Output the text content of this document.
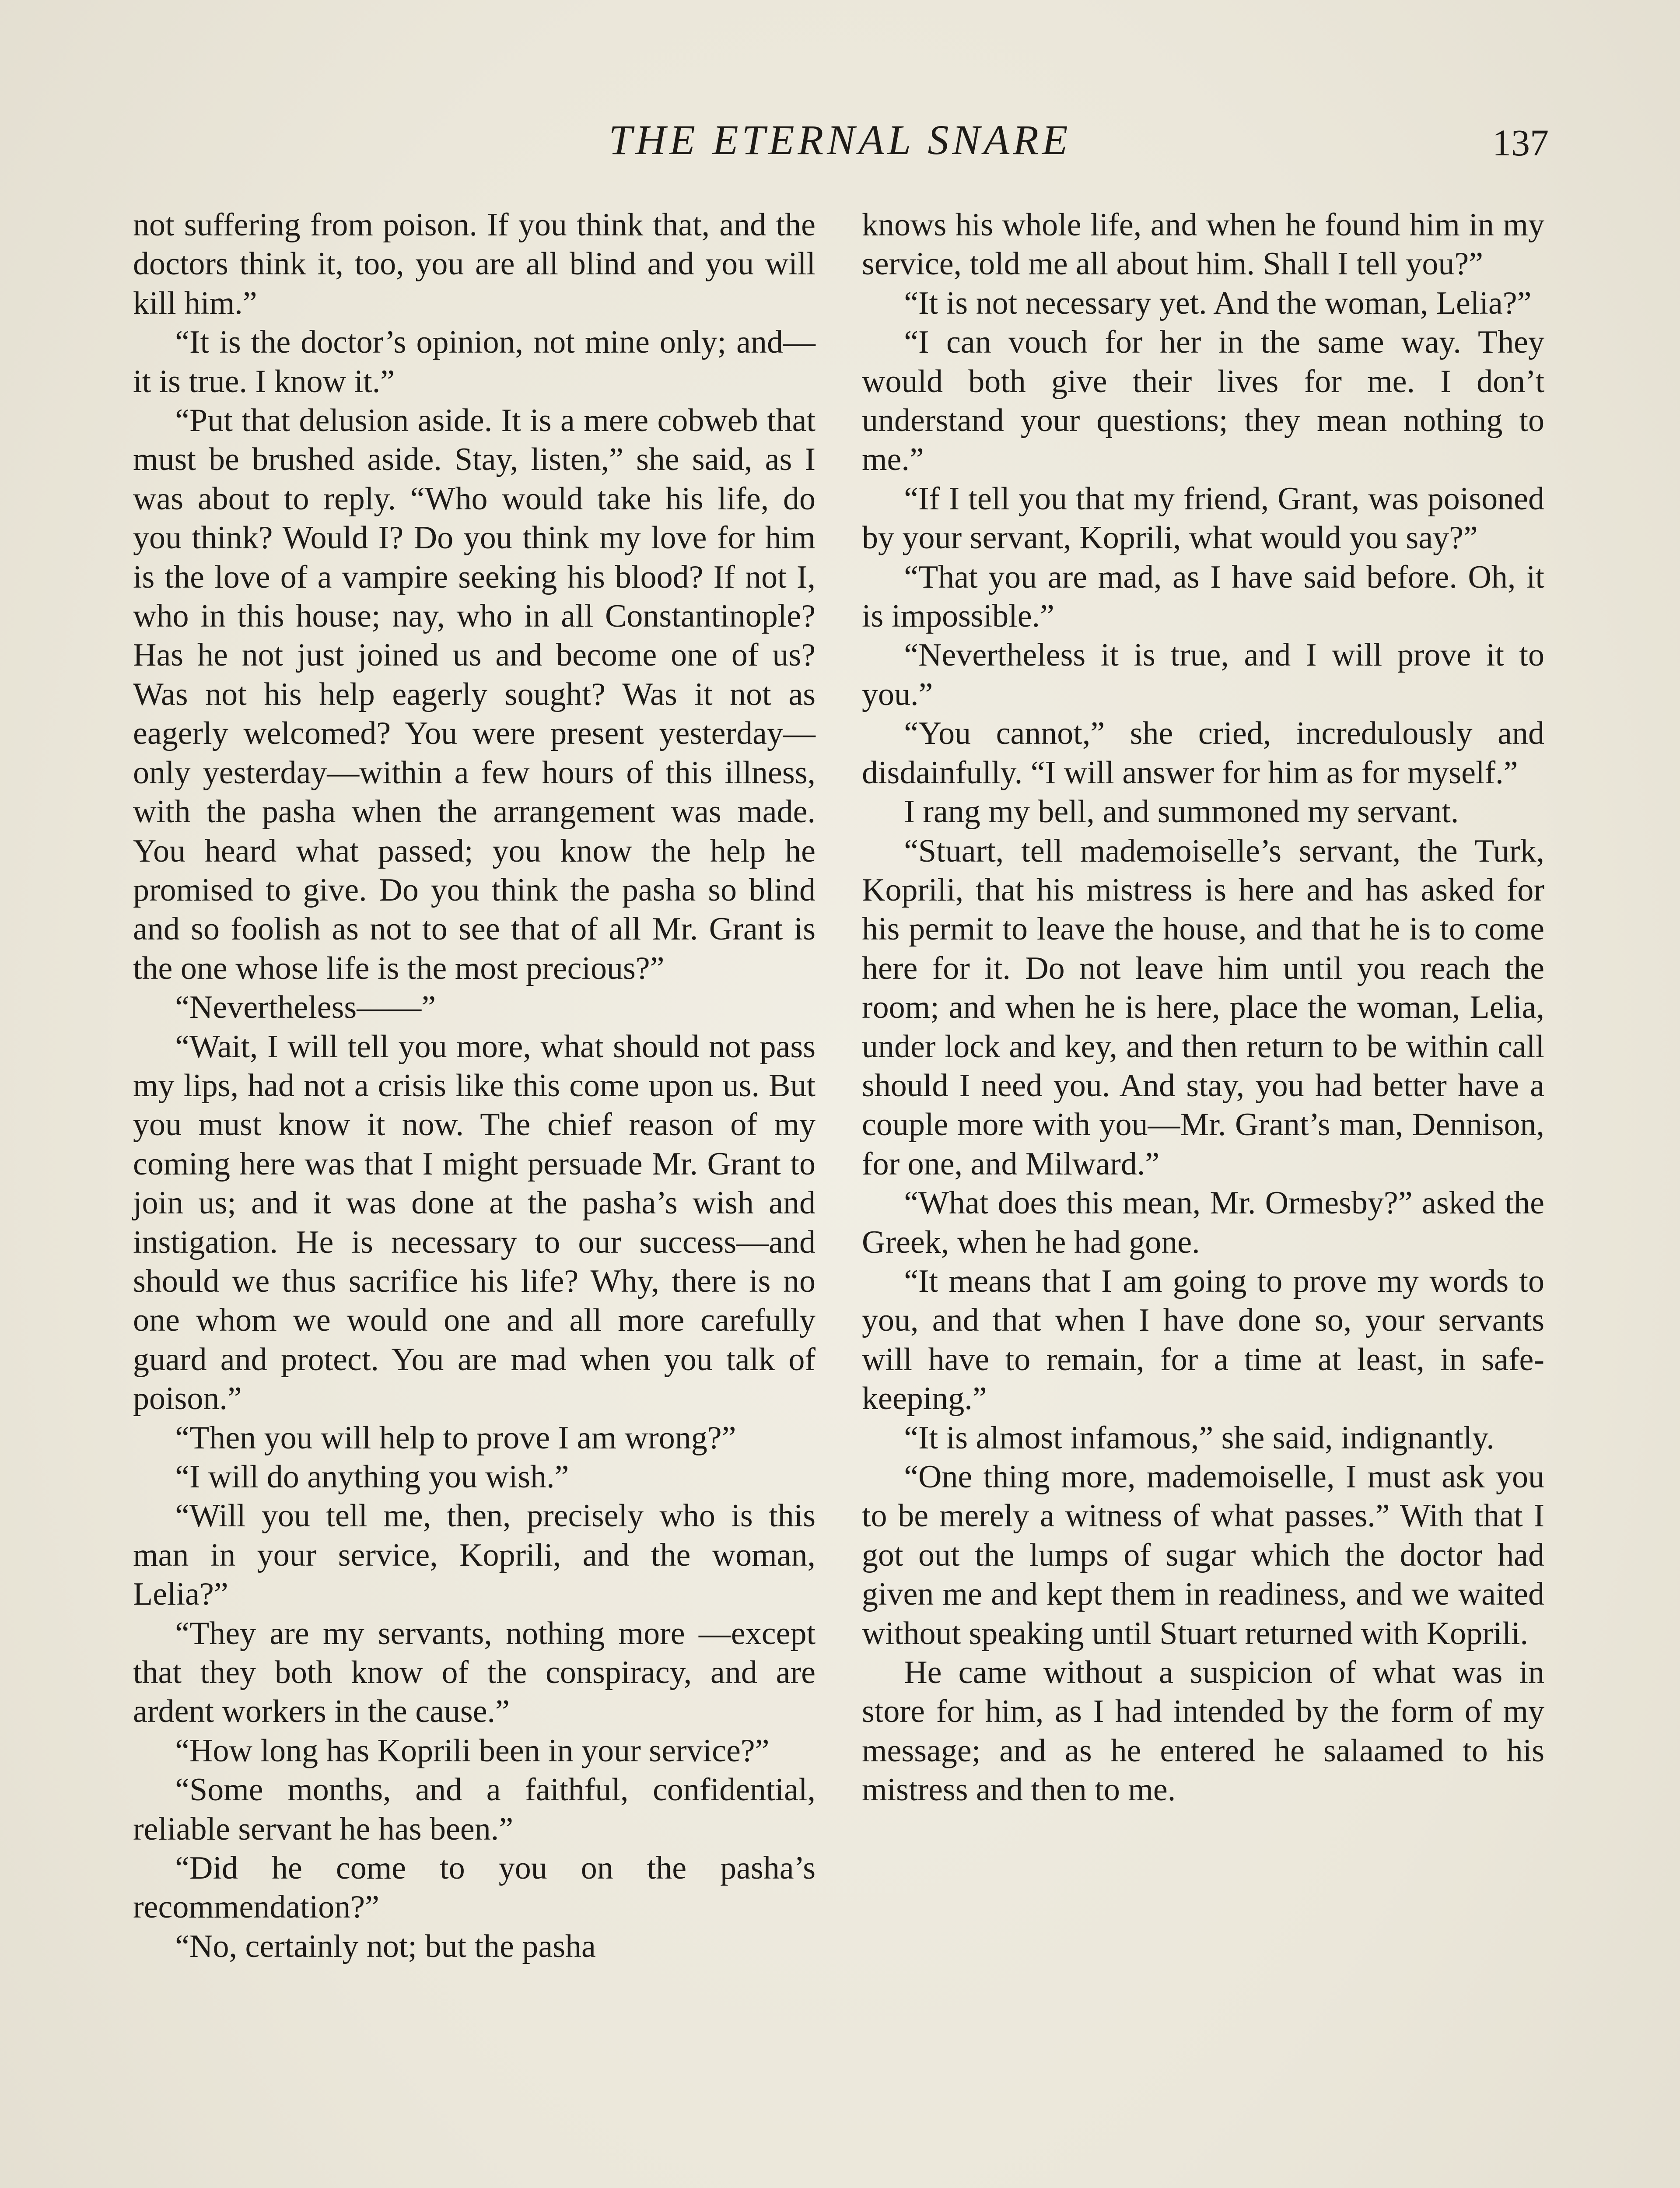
THE ETERNAL SNARE	137

not suffering from poison. If you think that, and the doctors think it, too, you are all blind and you will kill him.”

“It is the doctor’s opinion, not mine only; and—it is true. I know it.”

“Put that delusion aside. It is a mere cobweb that must be brushed aside. Stay, listen,” she said, as I was about to reply. “Who would take his life, do you think? Would I? Do you think my love for him is the love of a vampire seeking his blood? If not I, who in this house; nay, who in all Constantinople? Has he not just joined us and become one of us? Was not his help eagerly sought? Was it not as eagerly welcomed? You were present yesterday—only yesterday—within a few hours of this illness, with the pasha when the arrangement was made. You heard what passed; you know the help he promised to give. Do you think the pasha so blind and so foolish as not to see that of all Mr. Grant is the one whose life is the most precious?”

“Nevertheless——”

“Wait, I will tell you more, what should not pass my lips, had not a crisis like this come upon us. But you must know it now. The chief reason of my coming here was that I might persuade Mr. Grant to join us; and it was done at the pasha’s wish and instigation. He is necessary to our success—and should we thus sacrifice his life? Why, there is no one whom we would one and all more carefully guard and protect. You are mad when you talk of poison.”

“Then you will help to prove I am wrong?”

“I will do anything you wish.”

“Will you tell me, then, precisely who is this man in your service, Koprili, and the woman, Lelia?”

“They are my servants, nothing more —except that they both know of the conspiracy, and are ardent workers in the cause.”

“How long has Koprili been in your service?”

“Some months, and a faithful, confidential, reliable servant he has been.”

“Did he come to you on the pasha’s recommendation?”

“No, certainly not; but the pasha

knows his whole life, and when he found him in my service, told me all about him. Shall I tell you?”

“It is not necessary yet. And the woman, Lelia?”

“I can vouch for her in the same way. They would both give their lives for me. I don’t understand your questions; they mean nothing to me.”

“If I tell you that my friend, Grant, was poisoned by your servant, Koprili, what would you say?”

“That you are mad, as I have said before. Oh, it is impossible.”

“Nevertheless it is true, and I will prove it to you.”

“You cannot,” she cried, incredulously and disdainfully. “I will answer for him as for myself.”

I rang my bell, and summoned my servant.

“Stuart, tell mademoiselle’s servant, the Turk, Koprili, that his mistress is here and has asked for his permit to leave the house, and that he is to come here for it. Do not leave him until you reach the room; and when he is here, place the woman, Lelia, under lock and key, and then return to be within call should I need you. And stay, you had better have a couple more with you—Mr. Grant’s man, Dennison, for one, and Milward.”

“What does this mean, Mr. Ormesby?” asked the Greek, when he had gone.

“It means that I am going to prove my words to you, and that when I have done so, your servants will have to remain, for a time at least, in safe-keeping.”

“It is almost infamous,” she said, indignantly.

“One thing more, mademoiselle, I must ask you to be merely a witness of what passes.” With that I got out the lumps of sugar which the doctor had given me and kept them in readiness, and we waited without speaking until Stuart returned with Koprili.

He came without a suspicion of what was in store for him, as I had intended by the form of my message; and as he entered he salaamed to his mistress and then to me.
